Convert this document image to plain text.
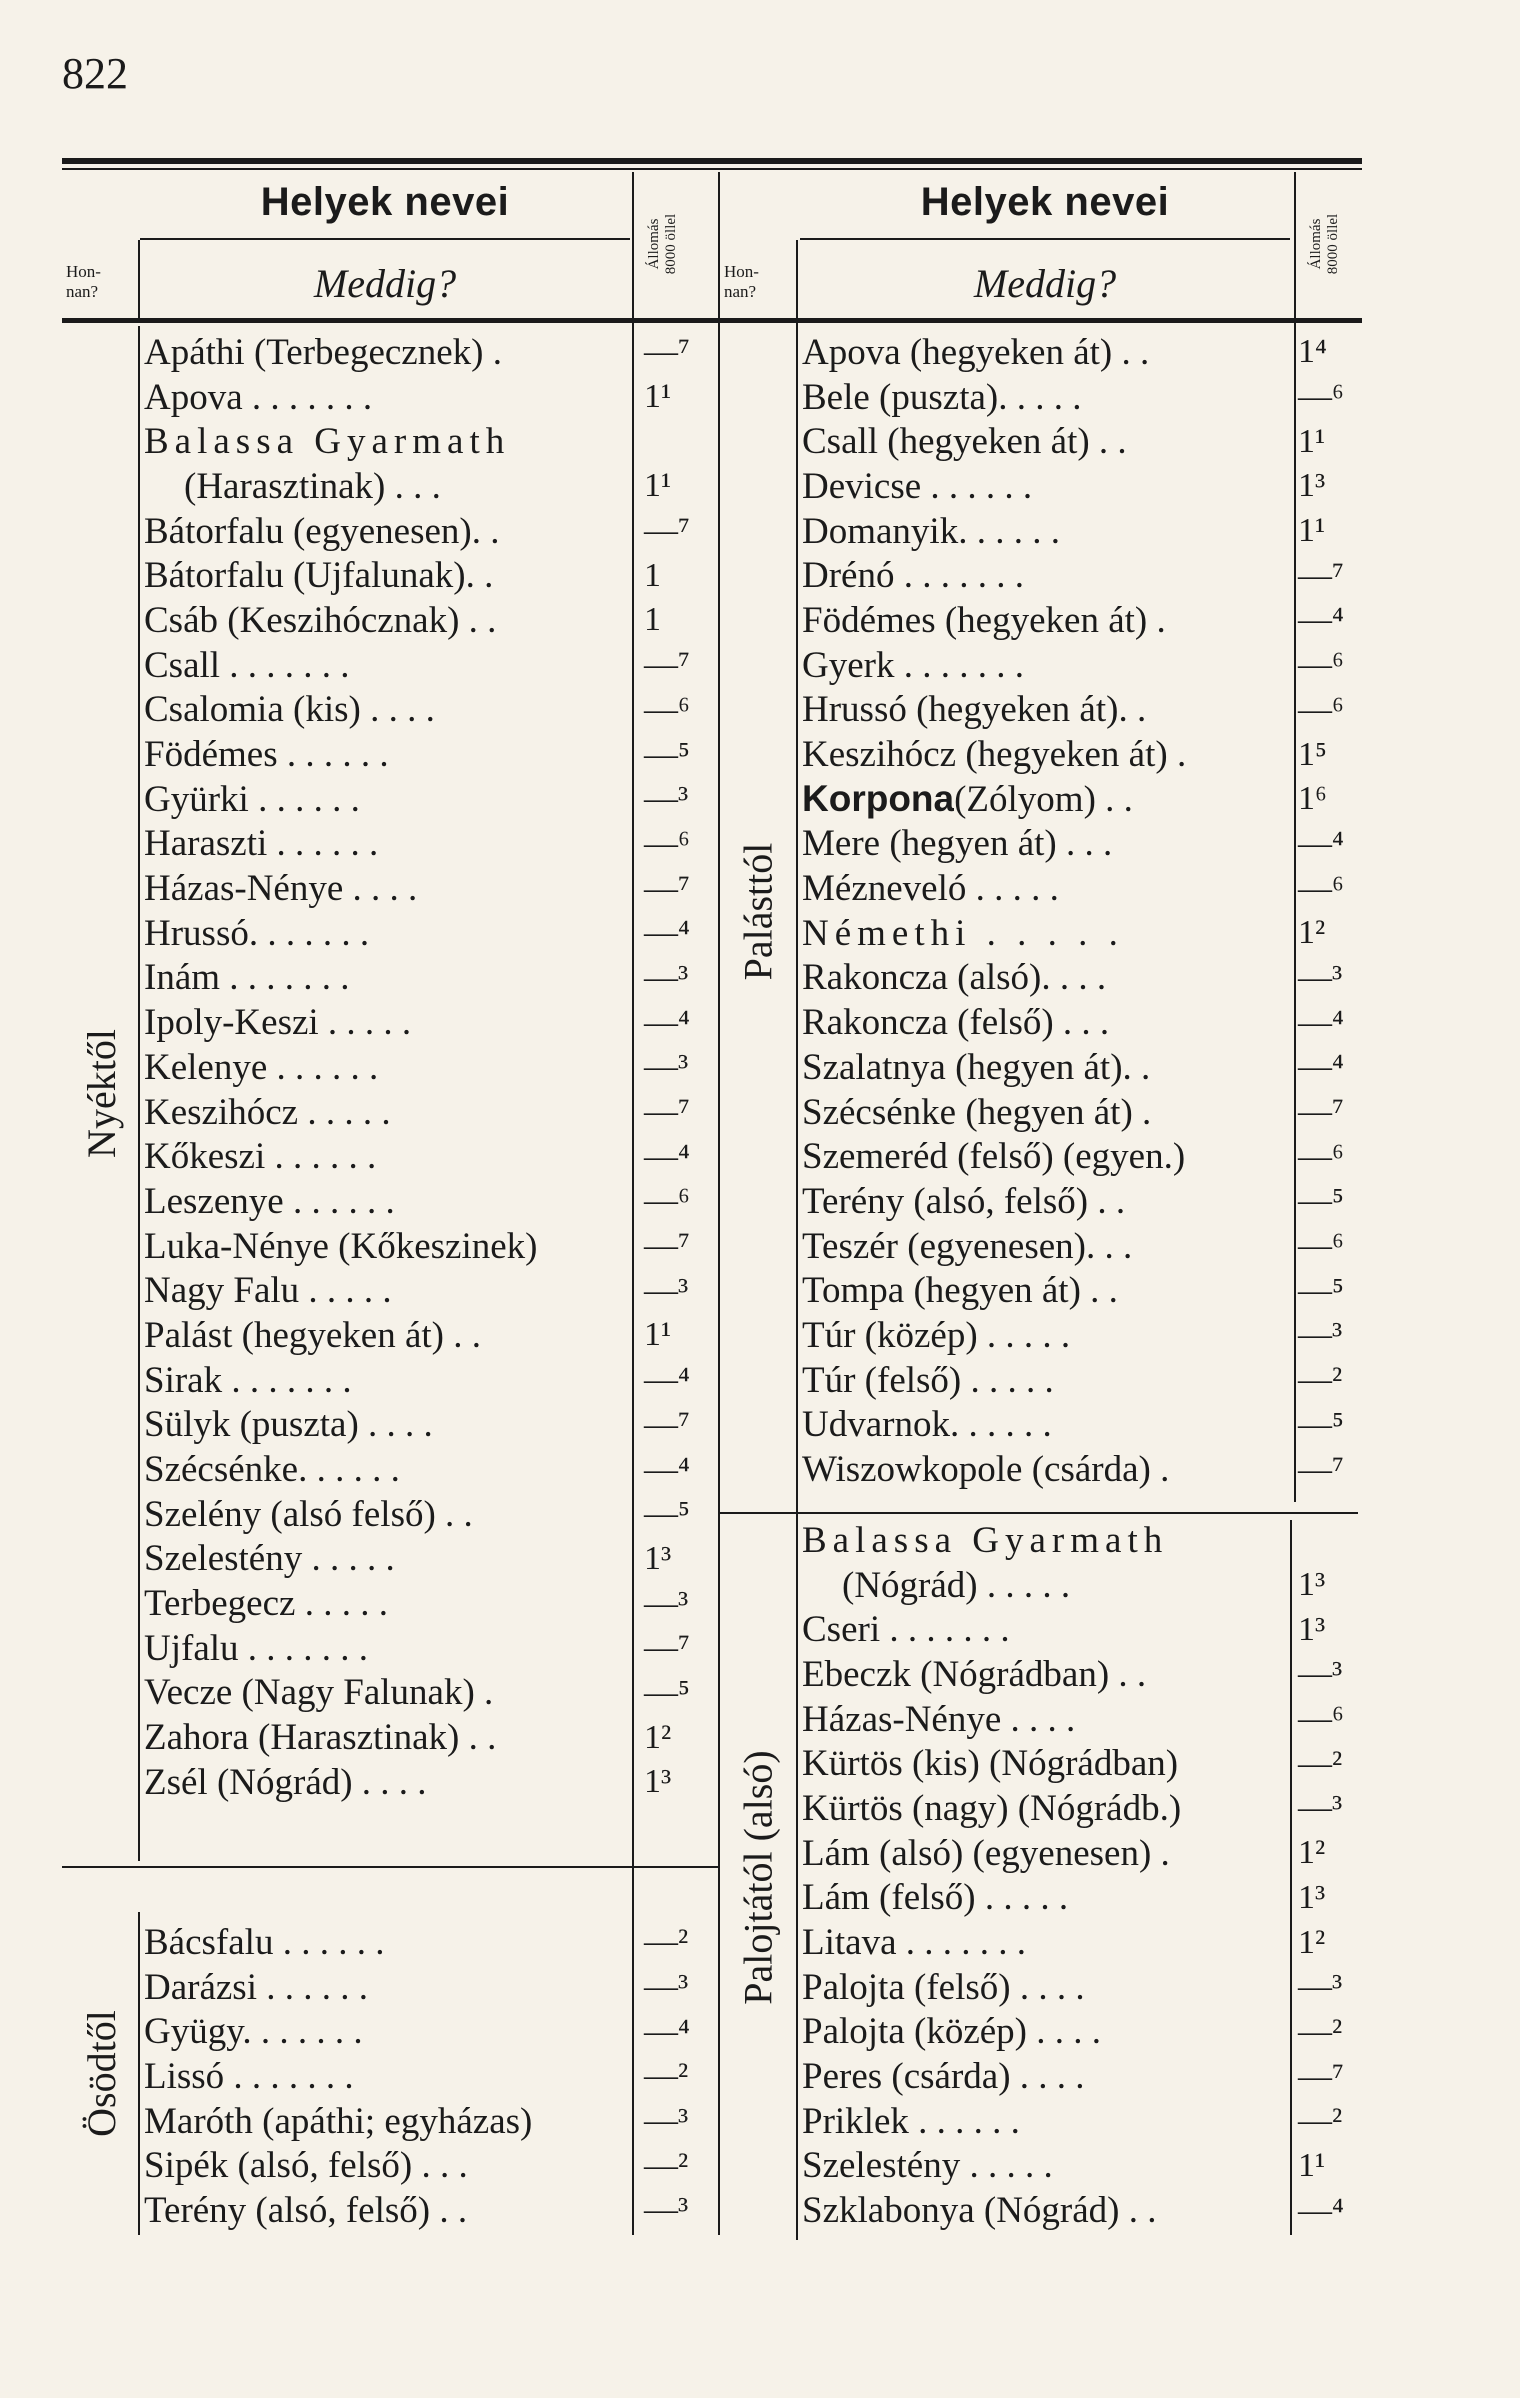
822
Helyek nevei
Meddig?
Hon-
nan?
Állomás
8000 öllel
Helyek nevei
Meddig?
Hon-
nan?
Állomás
8000 öllel
Nyéktől
Ösödtől
Palásttól
Palojtától (alsó)
Apáthi (Terbegecznek) .	—⁷
Apova . . . . . . .	1¹
Balassa Gyarmath
(Harasztinak) . . .	1¹
Bátorfalu (egyenesen). .	—⁷
Bátorfalu (Ujfalunak). .	1
Csáb (Keszihócznak) . .	1
Csall . . . . . . .	—⁷
Csalomia (kis) . . . .	—⁶
Födémes . . . . . .	—⁵
Gyürki . . . . . .	—³
Haraszti . . . . . .	—⁶
Házas-Nénye . . . .	—⁷
Hrussó. . . . . . .	—⁴
Inám . . . . . . .	—³
Ipoly-Keszi . . . . .	—⁴
Kelenye . . . . . .	—³
Keszihócz . . . . .	—⁷
Kőkeszi . . . . . .	—⁴
Leszenye . . . . . .	—⁶
Luka-Nénye (Kőkeszinek)	—⁷
Nagy Falu . . . . .	—³
Palást (hegyeken át) . .	1¹
Sirak . . . . . . .	—⁴
Sülyk (puszta) . . . .	—⁷
Szécsénke. . . . . .	—⁴
Szelény (alsó felső) . .	—⁵
Szelestény . . . . .	1³
Terbegecz . . . . .	—³
Ujfalu . . . . . . .	—⁷
Vecze (Nagy Falunak) .	—⁵
Zahora (Harasztinak) . .	1²
Zsél (Nógrád) . . . .	1³
Bácsfalu . . . . . .	—²
Darázsi . . . . . .	—³
Gyügy. . . . . . .	—⁴
Lissó . . . . . . .	—²
Maróth (apáthi; egyházas)	—³
Sipék (alsó, felső) . . .	—²
Terény (alsó, felső) . .	—³
Apova (hegyeken át) . .	1⁴
Bele (puszta). . . . .	—⁶
Csall (hegyeken át) . .	1¹
Devicse . . . . . .	1³
Domanyik. . . . . .	1¹
Drénó . . . . . . .	—⁷
Födémes (hegyeken át) .	—⁴
Gyerk . . . . . . .	—⁶
Hrussó (hegyeken át). .	—⁶
Keszihócz (hegyeken át) .	1⁵
Korpona (Zólyom) . .	1⁶
Mere (hegyen át) . . .	—⁴
Mézneveló . . . . .	—⁶
Némethi . . . . .	1²
Rakoncza (alsó). . . .	—³
Rakoncza (felső) . . .	—⁴
Szalatnya (hegyen át). .	—⁴
Szécsénke (hegyen át) .	—⁷
Szemeréd (felső) (egyen.)	—⁶
Terény (alsó, felső) . .	—⁵
Teszér (egyenesen). . .	—⁶
Tompa (hegyen át) . .	—⁵
Túr (közép) . . . . .	—³
Túr (felső) . . . . .	—²
Udvarnok. . . . . .	—⁵
Wiszowkopole (csárda) .	—⁷
Balassa Gyarmath
(Nógrád) . . . . .	1³
Cseri . . . . . . .	1³
Ebeczk (Nógrádban) . .	—³
Házas-Nénye . . . .	—⁶
Kürtös (kis) (Nógrádban)	—²
Kürtös (nagy) (Nógrádb.)	—³
Lám (alsó) (egyenesen) .	1²
Lám (felső) . . . . .	1³
Litava . . . . . . .	1²
Palojta (felső) . . . .	—³
Palojta (közép) . . . .	—²
Peres (csárda) . . . .	—⁷
Priklek . . . . . .	—²
Szelestény . . . . .	1¹
Szklabonya (Nógrád) . .	—⁴
